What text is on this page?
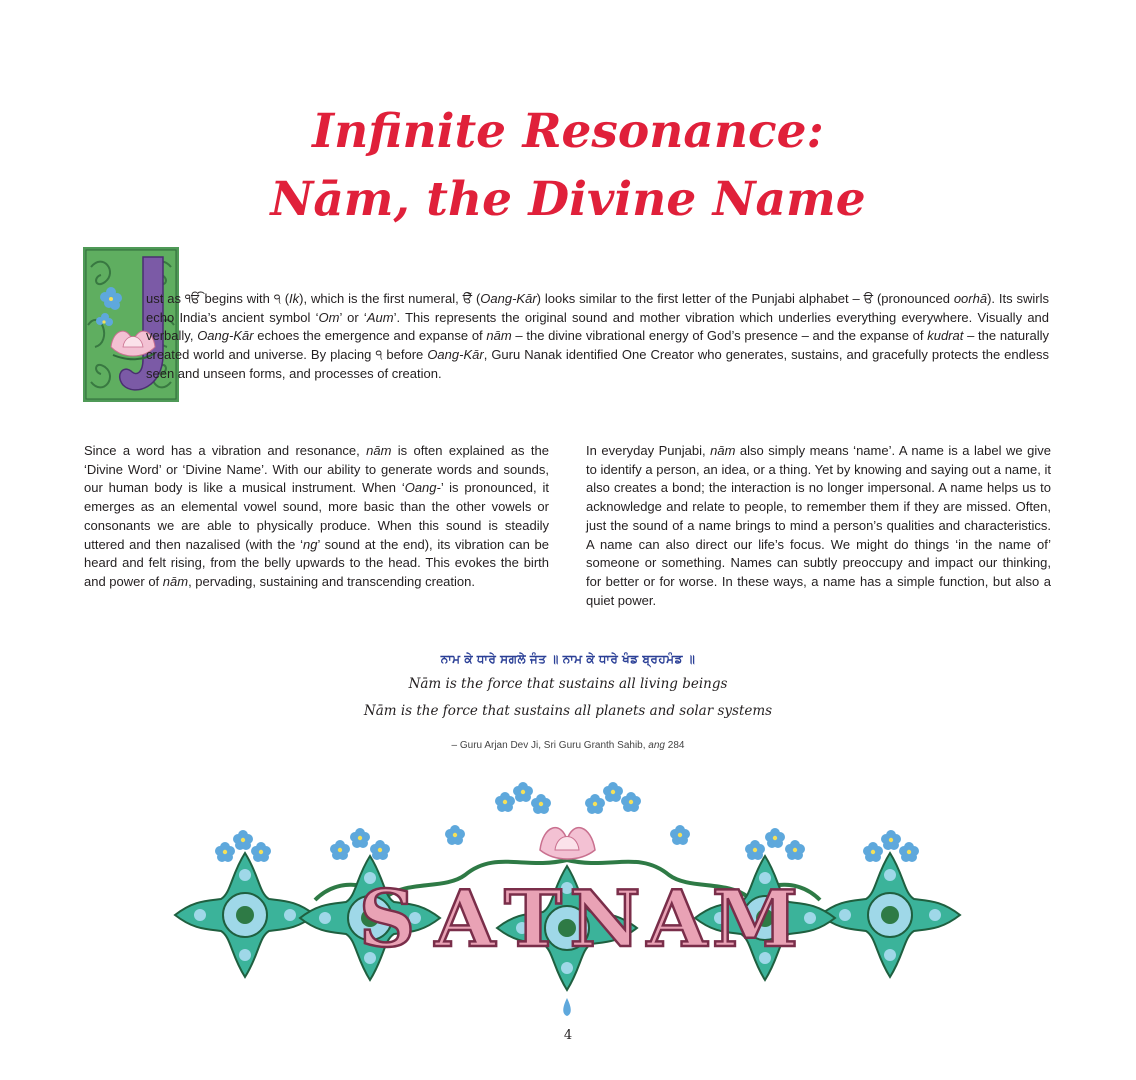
Infinite Resonance:
Nām, the Divine Name

ust as ੴ begins with ੧ (Ik), which is the first numeral, ੳੱ (Oang-Kār) looks similar to the first letter of the Punjabi alphabet – ੳ (pronounced oorhā). Its swirls echo India’s ancient symbol ‘Om’ or ‘Aum’. This represents the original sound and mother vibration which underlies everything everywhere. Visually and verbally, Oang-Kār echoes the emergence and expanse of nām – the divine vibrational energy of God’s presence – and the expanse of kudrat – the naturally created world and universe. By placing ੧ before Oang-Kār, Guru Nanak identified One Creator who generates, sustains, and gracefully protects the endless seen and unseen forms, and processes of creation.

Since a word has a vibration and resonance, nām is often explained as the ‘Divine Word’ or ‘Divine Name’. With our ability to generate words and sounds, our human body is like a musical instrument. When ‘Oang-’ is pronounced, it emerges as an elemental vowel sound, more basic than the other vowels or consonants we are able to physically produce. When this sound is steadily uttered and then nazalised (with the ‘ng’ sound at the end), its vibration can be heard and felt rising, from the belly upwards to the head. This evokes the birth and power of nām, pervading, sustaining and transcending creation.

In everyday Punjabi, nām also simply means ‘name’. A name is a label we give to identify a person, an idea, or a thing. Yet by knowing and saying out a name, it also creates a bond; the interaction is no longer impersonal. A name helps us to acknowledge and relate to people, to remember them if they are missed. Often, just the sound of a name brings to mind a person’s qualities and characteristics. A name can also direct our life’s focus. We might do things ‘in the name of’ someone or something. Names can subtly preoccupy and impact our thinking, for better or for worse. In these ways, a name has a simple function, but also a quiet power.

ਨਾਮ ਕੇ ਧਾਰੇ ਸਗਲੇ ਜੰਤ ॥ ਨਾਮ ਕੇ ਧਾਰੇ ਖੰਡ ਬ੍ਰਹਮੰਡ ॥
Nām is the force that sustains all living beings
Nām is the force that sustains all planets and solar systems
– Guru Arjan Dev Ji, Sri Guru Granth Sahib, ang 284
S A T N A M
4
